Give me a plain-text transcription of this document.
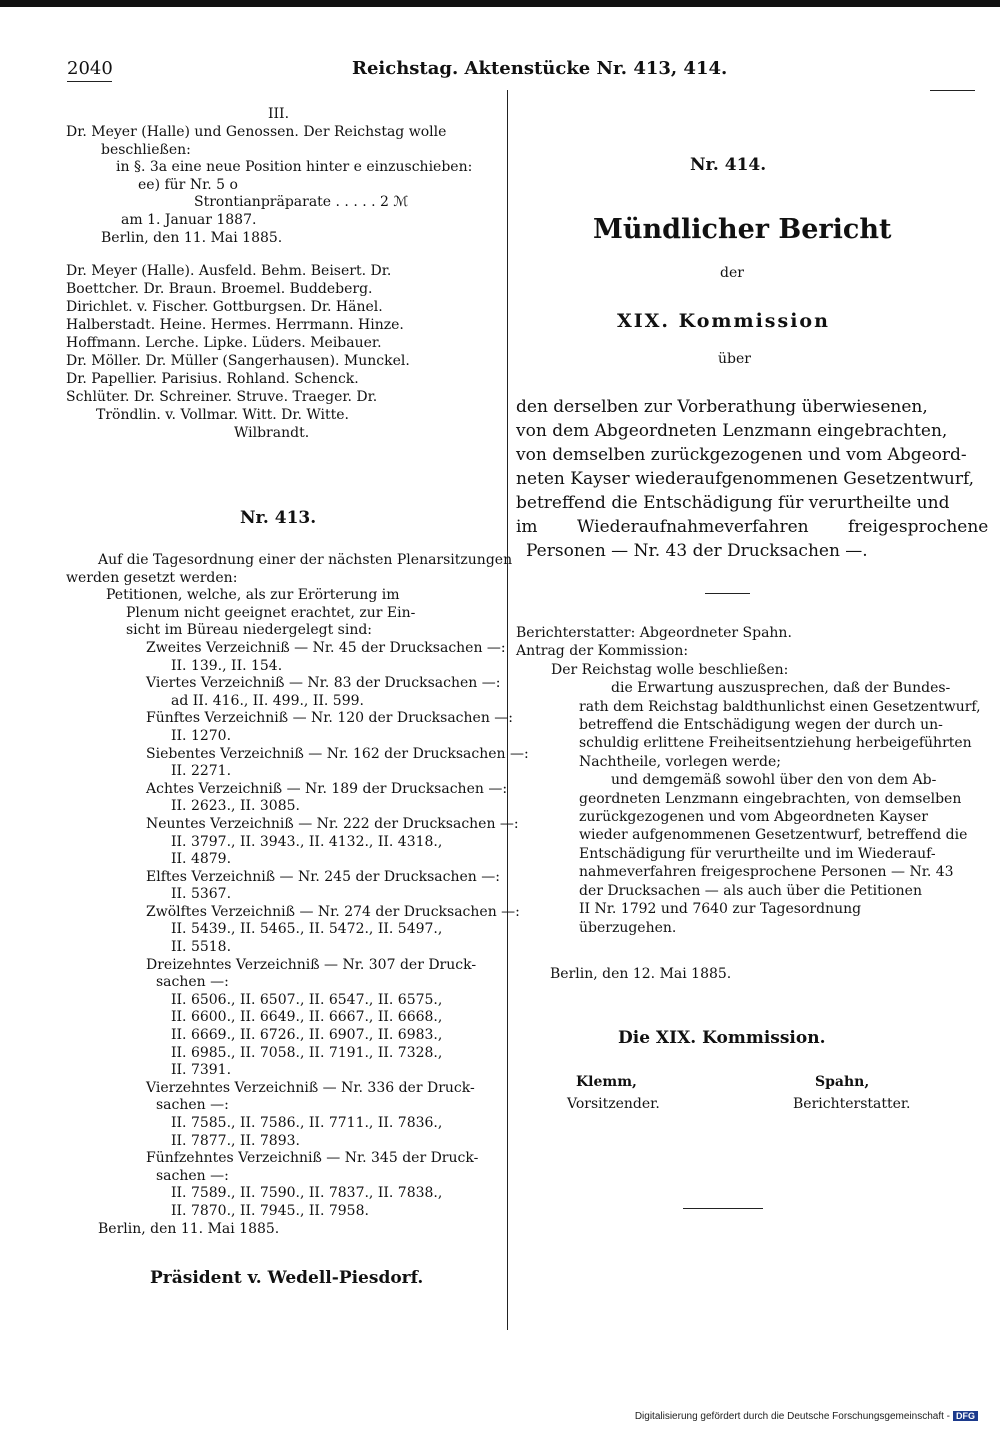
2040	Reichstag. Aktenstücke Nr. 413, 414.
III.
Dr. Meyer (Halle) und Genossen. Der Reichstag wolle
beschließen:
in §. 3a eine neue Position hinter e einzuschieben:
ee) für Nr. 5 o
Strontianpräparate . . . . . 2 ℳ
am 1. Januar 1887.
Berlin, den 11. Mai 1885.
Dr. Meyer (Halle). Ausfeld. Behm. Beisert. Dr.
Boettcher. Dr. Braun. Broemel. Buddeberg.
Dirichlet. v. Fischer. Gottburgsen. Dr. Hänel.
Halberstadt. Heine. Hermes. Herrmann. Hinze.
Hoffmann. Lerche. Lipke. Lüders. Meibauer.
Dr. Möller. Dr. Müller (Sangerhausen). Munckel.
Dr. Papellier. Parisius. Rohland. Schenck.
Schlüter. Dr. Schreiner. Struve. Traeger. Dr.
Tröndlin. v. Vollmar. Witt. Dr. Witte.
Wilbrandt.
Nr. 413.
Auf die Tagesordnung einer der nächsten Plenarsitzungen
werden gesetzt werden:
Petitionen, welche, als zur Erörterung im
Plenum nicht geeignet erachtet, zur Ein-
sicht im Büreau niedergelegt sind:
Zweites Verzeichniß — Nr. 45 der Drucksachen —:
II. 139., II. 154.
Viertes Verzeichniß — Nr. 83 der Drucksachen —:
ad II. 416., II. 499., II. 599.
Fünftes Verzeichniß — Nr. 120 der Drucksachen —:
II. 1270.
Siebentes Verzeichniß — Nr. 162 der Drucksachen —:
II. 2271.
Achtes Verzeichniß — Nr. 189 der Drucksachen —:
II. 2623., II. 3085.
Neuntes Verzeichniß — Nr. 222 der Drucksachen —:
II. 3797., II. 3943., II. 4132., II. 4318.,
II. 4879.
Elftes Verzeichniß — Nr. 245 der Drucksachen —:
II. 5367.
Zwölftes Verzeichniß — Nr. 274 der Drucksachen —:
II. 5439., II. 5465., II. 5472., II. 5497.,
II. 5518.
Dreizehntes Verzeichniß — Nr. 307 der Druck-
sachen —:
II. 6506., II. 6507., II. 6547., II. 6575.,
II. 6600., II. 6649., II. 6667., II. 6668.,
II. 6669., II. 6726., II. 6907., II. 6983.,
II. 6985., II. 7058., II. 7191., II. 7328.,
II. 7391.
Vierzehntes Verzeichniß — Nr. 336 der Druck-
sachen —:
II. 7585., II. 7586., II. 7711., II. 7836.,
II. 7877., II. 7893.
Fünfzehntes Verzeichniß — Nr. 345 der Druck-
sachen —:
II. 7589., II. 7590., II. 7837., II. 7838.,
II. 7870., II. 7945., II. 7958.
Berlin, den 11. Mai 1885.
Präsident v. Wedell-Piesdorf.
Nr. 414.
Mündlicher Bericht
der
XIX. Kommission
über
den derselben zur Vorberathung überwiesenen,
von dem Abgeordneten Lenzmann eingebrachten,
von demselben zurückgezogenen und vom Abgeord-
neten Kayser wiederaufgenommenen Gesetzentwurf,
betreffend die Entschädigung für verurtheilte und
im Wiederaufnahmeverfahren freigesprochene
Personen — Nr. 43 der Drucksachen —.
Berichterstatter: Abgeordneter Spahn.
Antrag der Kommission:
Der Reichstag wolle beschließen:
die Erwartung auszusprechen, daß der Bundes-
rath dem Reichstag baldthunlichst einen Gesetzentwurf,
betreffend die Entschädigung wegen der durch un-
schuldig erlittene Freiheitsentziehung herbeigeführten
Nachtheile, vorlegen werde;
und demgemäß sowohl über den von dem Ab-
geordneten Lenzmann eingebrachten, von demselben
zurückgezogenen und vom Abgeordneten Kayser
wieder aufgenommenen Gesetzentwurf, betreffend die
Entschädigung für verurtheilte und im Wiederauf-
nahmeverfahren freigesprochene Personen — Nr. 43
der Drucksachen — als auch über die Petitionen
II Nr. 1792 und 7640 zur Tagesordnung
überzugehen.
Berlin, den 12. Mai 1885.
Die XIX. Kommission.
Klemm,
Vorsitzender.
Spahn,
Berichterstatter.
Digitalisierung gefördert durch die Deutsche Forschungsgemeinschaft - DFG
